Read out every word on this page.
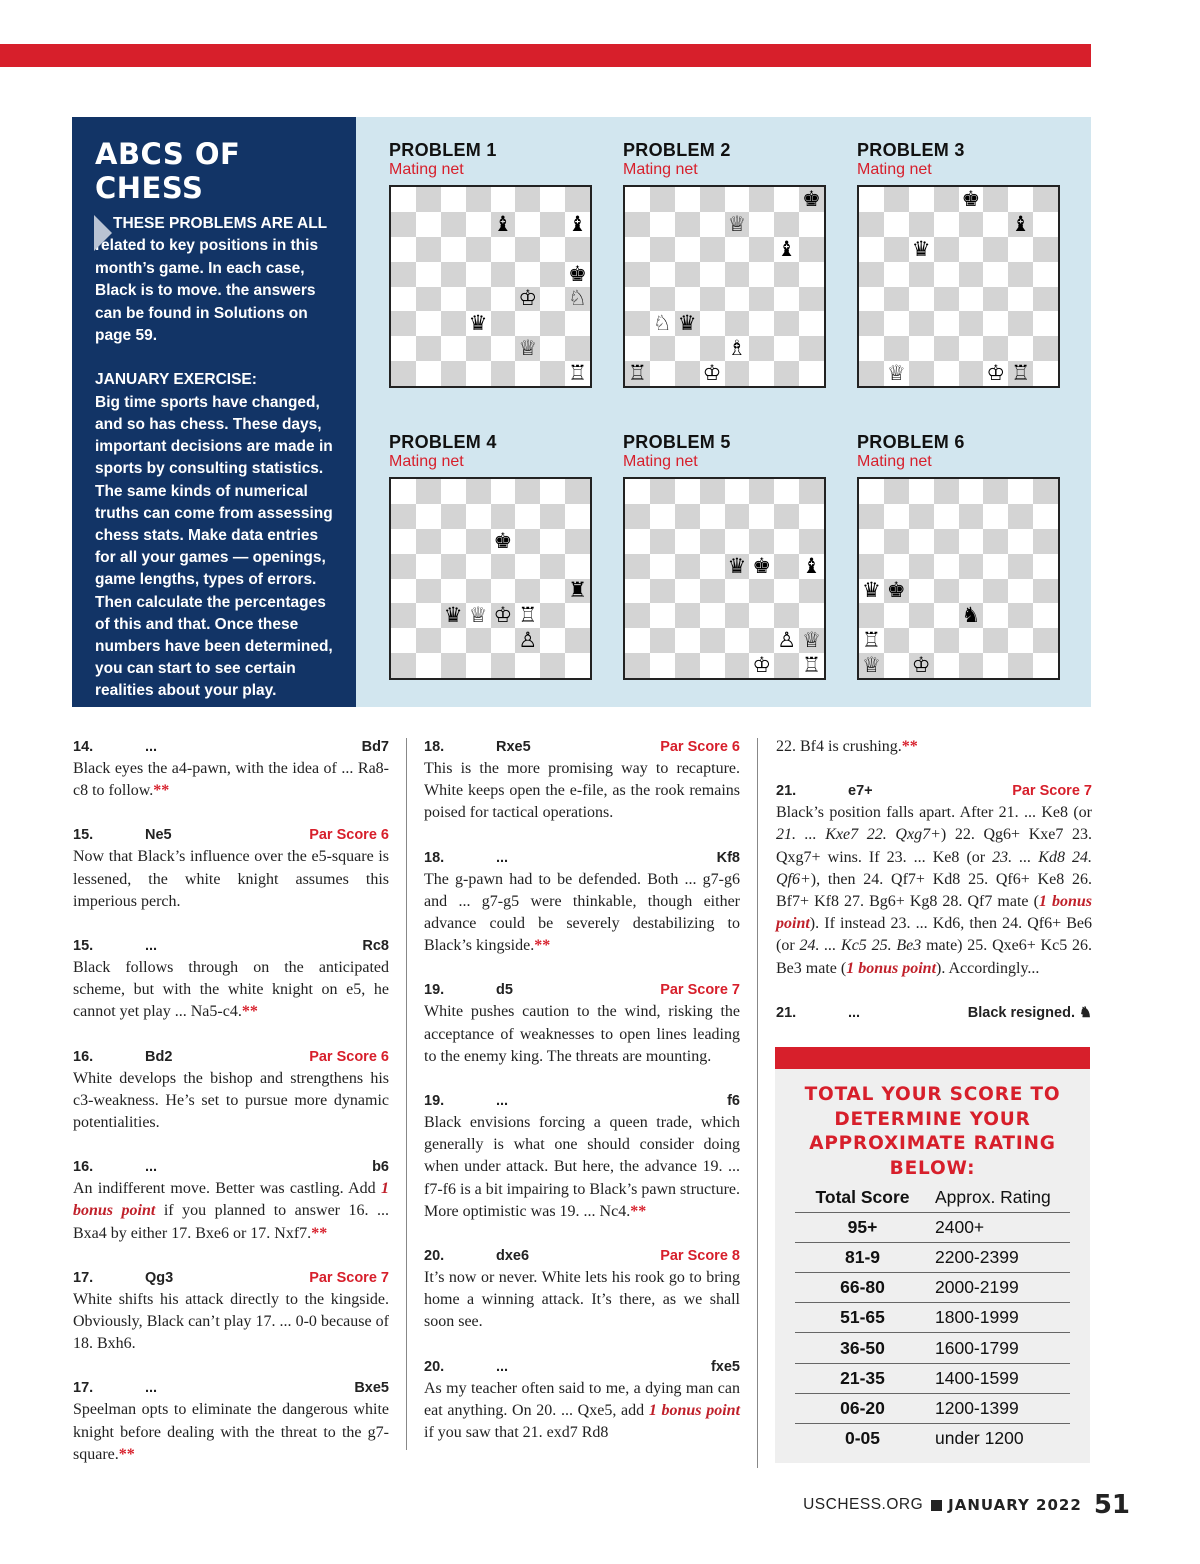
ABCS OF CHESS
THESE PROBLEMS ARE ALL related to key positions in this month’s game. In each case, Black is to move. the answers can be found in Solutions on page 59.
JANUARY EXERCISE:
Big time sports have changed, and so has chess. These days, important decisions are made in sports by consulting statistics. The same kinds of numerical truths can come from assessing chess stats. Make data entries for all your games — openings, game lengths, types of errors. Then calculate the percentages of this and that. Once these numbers have been determined, you can start to see certain realities about your play.
PROBLEM 1
Mating net
♝	♝
♚
♔ ♘
♛
♕
♖
PROBLEM 2
Mating net
♚
♕
♝
♘ ♛
♗
♖	♔
PROBLEM 3
Mating net
♚
♝
♛
♕	♔ ♖
PROBLEM 4
Mating net
♚
♜
♛ ♕ ♔ ♖
♙
PROBLEM 5
Mating net
♛ ♚ ♝
♙ ♕
♔ ♖
PROBLEM 6
Mating net
♛ ♚
♞
♖
♕ ♔
14.	...	Bd7

Black eyes the a4-pawn, with the idea of ... Ra8-c8 to follow.**

15.	Ne5	Par Score 6

Now that Black’s influence over the e5-square is lessened, the white knight assumes this imperious perch.

15.	...	Rc8

Black follows through on the anticipated scheme, but with the white knight on e5, he cannot yet play ... Na5-c4.**

16.	Bd2	Par Score 6

White develops the bishop and strengthens his c3-weakness. He’s set to pursue more dynamic potentialities.

16.	...	b6

An indifferent move. Better was castling. Add 1 bonus point if you planned to answer 16. ... Bxa4 by either 17. Bxe6 or 17. Nxf7.**

17.	Qg3	Par Score 7

White shifts his attack directly to the kingside. Obviously, Black can’t play 17. ... 0-0 because of 18. Bxh6.

17.	...	Bxe5

Speelman opts to eliminate the dangerous white knight before dealing with the threat to the g7-square.**

18.	Rxe5	Par Score 6

This is the more promising way to recapture. White keeps open the e-file, as the rook remains poised for tactical operations.

18.	...	Kf8

The g-pawn had to be defended. Both ... g7-g6 and ... g7-g5 were thinkable, though either advance could be severely destabilizing to Black’s kingside.**

19.	d5	Par Score 7

White pushes caution to the wind, risking the acceptance of weaknesses to open lines leading to the enemy king. The threats are mounting.

19.	...	f6

Black envisions forcing a queen trade, which generally is what one should consider doing when under attack. But here, the advance 19. ... f7-f6 is a bit impairing to Black’s pawn structure. More optimistic was 19. ... Nc4.**

20.	dxe6	Par Score 8

It’s now or never. White lets his rook go to bring home a winning attack. It’s there, as we shall soon see.

20.	...	fxe5

As my teacher often said to me, a dying man can eat anything. On 20. ... Qxe5, add 1 bonus point if you saw that 21. exd7 Rd8

22. Bf4 is crushing.**

21.	e7+	Par Score 7

Black’s position falls apart. After 21. ... Ke8 (or 21. ... Kxe7 22. Qxg7+) 22. Qg6+ Kxe7 23. Qxg7+ wins. If 23. ... Ke8 (or 23. ... Kd8 24. Qf6+), then 24. Qf7+ Kd8 25. Qf6+ Ke8 26. Bf7+ Kf8 27. Bg6+ Kg8 28. Qf7 mate (1 bonus point). If instead 23. ... Kd6, then 24. Qf6+ Be6 (or 24. ... Kc5 25. Be3 mate) 25. Qxe6+ Kc5 26. Be3 mate (1 bonus point). Accordingly...

21.	...	Black resigned. ♞
TOTAL YOUR SCORE TO DETERMINE YOUR APPROXIMATE RATING BELOW:
Total Score	Approx. Rating
95+	2400+
81-9	2200-2399
66-80	2000-2199
51-65	1800-1999
36-50	1600-1799
21-35	1400-1599
06-20	1200-1399
0-05	under 1200
USCHESS.ORG JANUARY 2022 51
